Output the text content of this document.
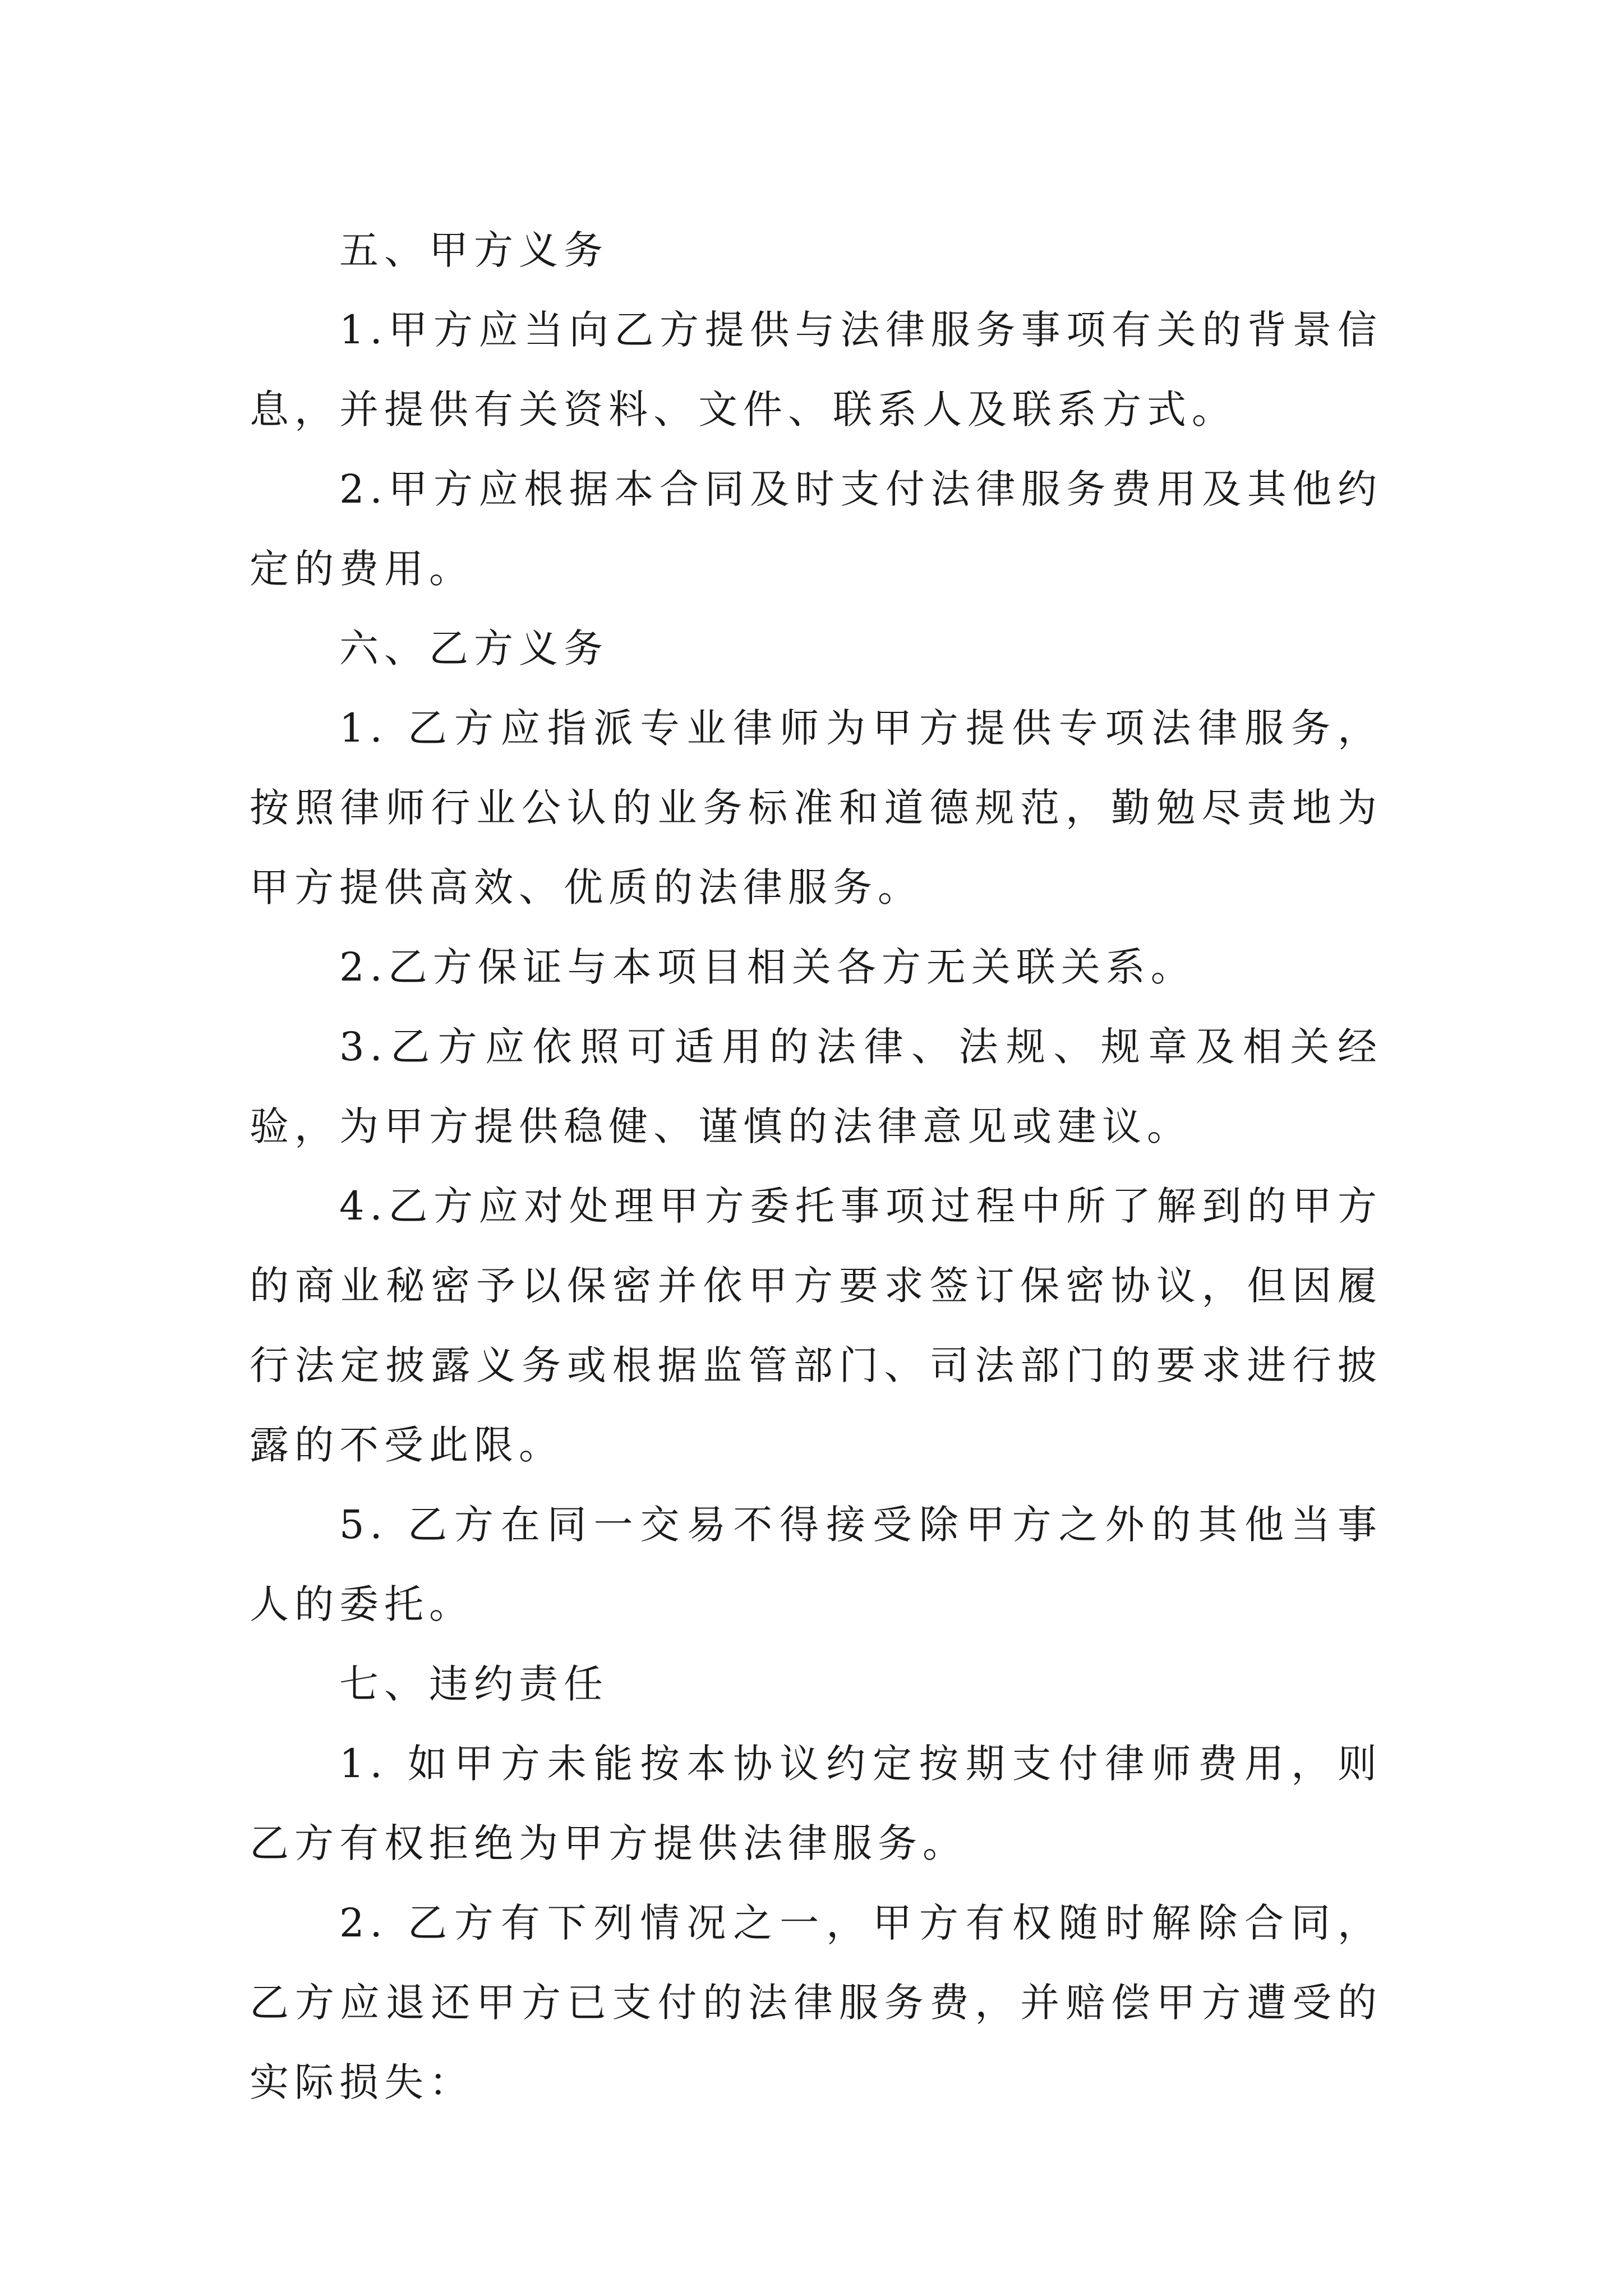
五、甲方义务

1.甲方应当向乙方提供与法律服务事项有关的背景信息，并提供有关资料、文件、联系人及联系方式。

2.甲方应根据本合同及时支付法律服务费用及其他约定的费用。

六、乙方义务

1. 乙方应指派专业律师为甲方提供专项法律服务，按照律师行业公认的业务标准和道德规范，勤勉尽责地为甲方提供高效、优质的法律服务。

2.乙方保证与本项目相关各方无关联关系。

3.乙方应依照可适用的法律、法规、规章及相关经验，为甲方提供稳健、谨慎的法律意见或建议。

4.乙方应对处理甲方委托事项过程中所了解到的甲方的商业秘密予以保密并依甲方要求签订保密协议，但因履行法定披露义务或根据监管部门、司法部门的要求进行披露的不受此限。

5. 乙方在同一交易不得接受除甲方之外的其他当事人的委托。

七、违约责任

1. 如甲方未能按本协议约定按期支付律师费用，则乙方有权拒绝为甲方提供法律服务。

2. 乙方有下列情况之一，甲方有权随时解除合同，乙方应退还甲方已支付的法律服务费，并赔偿甲方遭受的实际损失：
